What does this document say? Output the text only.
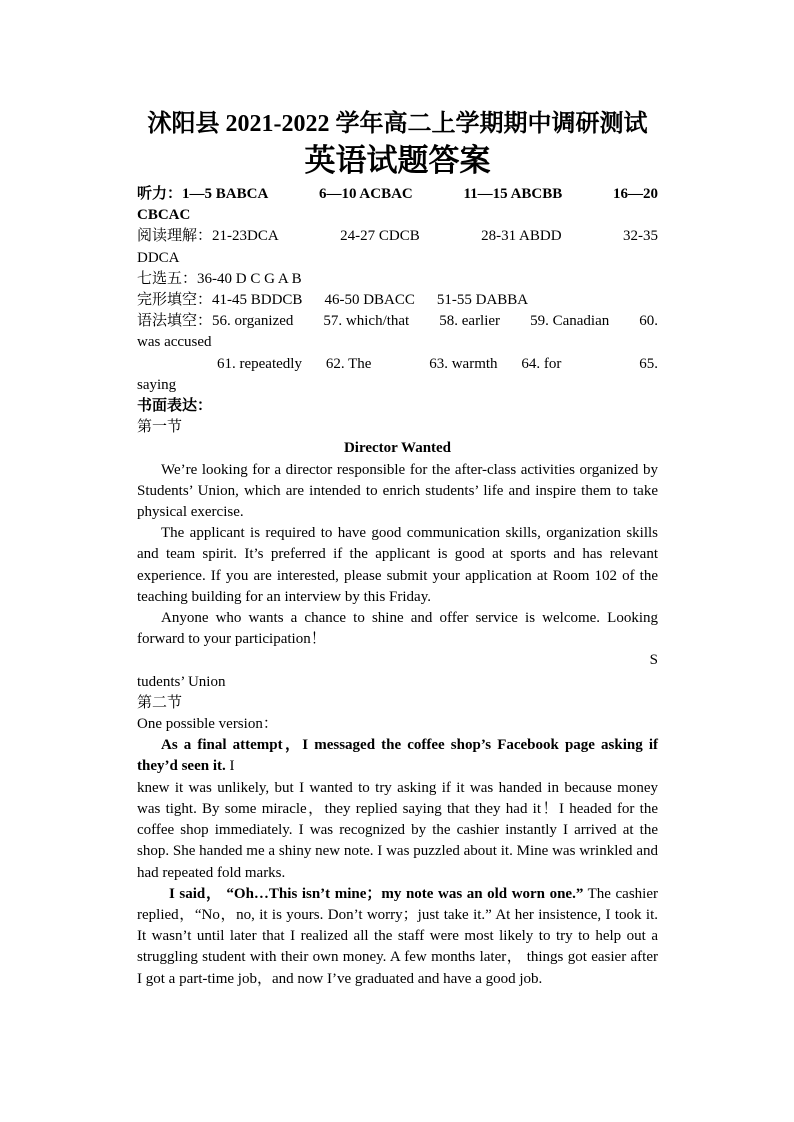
沭阳县 2021-2022 学年高二上学期期中调研测试

英语试题答案

听力：1—5 BABCA	6—10 ACBAC	11—15 ABCBB	16—20

CBCAC

阅读理解：21-23DCA	24-27 CDCB	28-31 ABDD	32-35

DDCA

七选五：36-40 D C G A B

完形填空：41-45 BDDCB 46-50 DBACC 51-55 DABBA

语法填空：56. organized 57. which/that 58. earlier 59. Canadian 60.

was accused

61. repeatedly 62. The	63. warmth 64. for	65.

saying

书面表达：

第一节

Director Wanted

We’re looking for a director responsible for the after-class activities organized by Students’ Union, which are intended to enrich students’ life and inspire them to take physical exercise.

The applicant is required to have good communication skills, organization skills and team spirit. It’s preferred if the applicant is good at sports and has relevant experience. If you are interested, please submit your application at Room 102 of the teaching building for an interview by this Friday.

Anyone who wants a chance to shine and offer service is welcome. Looking forward to your participation！

S

tudents’ Union

第二节

One possible version：

As a final attempt，I messaged the coffee shop’s Facebook page asking if they’d seen it. I

knew it was unlikely, but I wanted to try asking if it was handed in because money was tight. By some miracle，they replied saying that they had it！I headed for the coffee shop immediately. I was recognized by the cashier instantly I arrived at the shop. She handed me a shiny new note. I was puzzled about it. Mine was wrinkled and had repeated fold marks.

I said， “Oh…This isn’t mine；my note was an old worn one.” The cashier replied，“No，no, it is yours. Don’t worry；just take it.” At her insistence, I took it. It wasn’t until later that I realized all the staff were most likely to try to help out a struggling student with their own money. A few months later， things got easier after I got a part-time job，and now I’ve graduated and have a good job.
